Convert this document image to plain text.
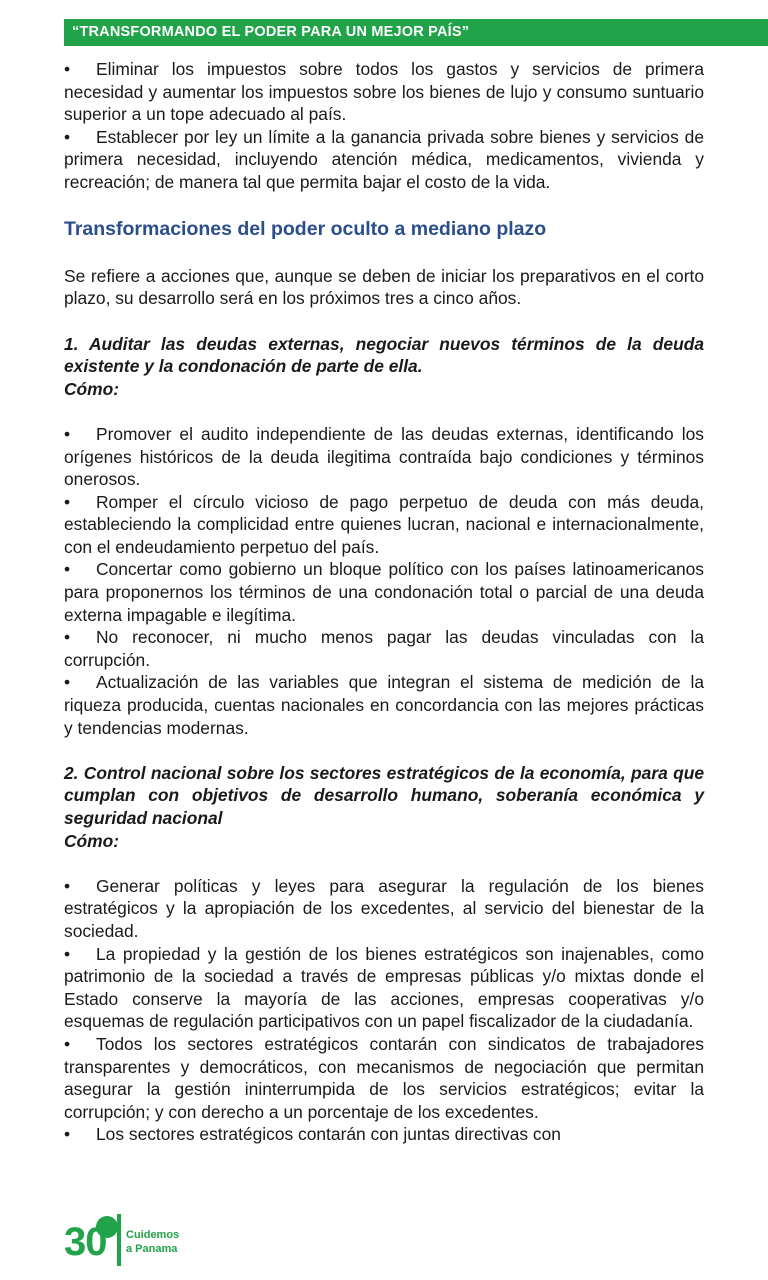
“TRANSFORMANDO EL PODER PARA UN MEJOR PAÍS”

• Eliminar los impuestos sobre todos los gastos y servicios de primera necesidad y aumentar los impuestos sobre los bienes de lujo y consumo suntuario superior a un tope adecuado al país.

• Establecer por ley un límite a la ganancia privada sobre bienes y servicios de primera necesidad, incluyendo atención médica, medicamentos, vivienda y recreación; de manera tal que permita bajar el costo de la vida.

Transformaciones del poder oculto a mediano plazo

Se refiere a acciones que, aunque se deben de iniciar los preparativos en el corto plazo, su desarrollo será en los próximos tres a cinco años.

1. Auditar las deudas externas, negociar nuevos términos de la deuda existente y la condonación de parte de ella.

Cómo:

• Promover el audito independiente de las deudas externas, identificando los orígenes históricos de la deuda ilegitima contraída bajo condiciones y términos onerosos.

• Romper el círculo vicioso de pago perpetuo de deuda con más deuda, estableciendo la complicidad entre quienes lucran, nacional e internacionalmente, con el endeudamiento perpetuo del país.

• Concertar como gobierno un bloque político con los países latinoamericanos para proponernos los términos de una condonación total o parcial de una deuda externa impagable e ilegítima.

• No reconocer, ni mucho menos pagar las deudas vinculadas con la corrupción.

• Actualización de las variables que integran el sistema de medición de la riqueza producida, cuentas nacionales en concordancia con las mejores prácticas y tendencias modernas.

2. Control nacional sobre los sectores estratégicos de la economía, para que cumplan con objetivos de desarrollo humano, soberanía económica y seguridad nacional

Cómo:

• Generar políticas y leyes para asegurar la regulación de los bienes estratégicos y la apropiación de los excedentes, al servicio del bienestar de la sociedad.

• La propiedad y la gestión de los bienes estratégicos son inajenables, como patrimonio de la sociedad a través de empresas públicas y/o mixtas donde el Estado conserve la mayoría de las acciones, empresas cooperativas y/o esquemas de regulación participativos con un papel fiscalizador de la ciudadanía.

• Todos los sectores estratégicos contarán con sindicatos de trabajadores transparentes y democráticos, con mecanismos de negociación que permitan asegurar la gestión ininterrumpida de los servicios estratégicos; evitar la corrupción; y con derecho a un porcentaje de los excedentes.

• Los sectores estratégicos contarán con juntas directivas con

30 Cuidemos
a Panama
